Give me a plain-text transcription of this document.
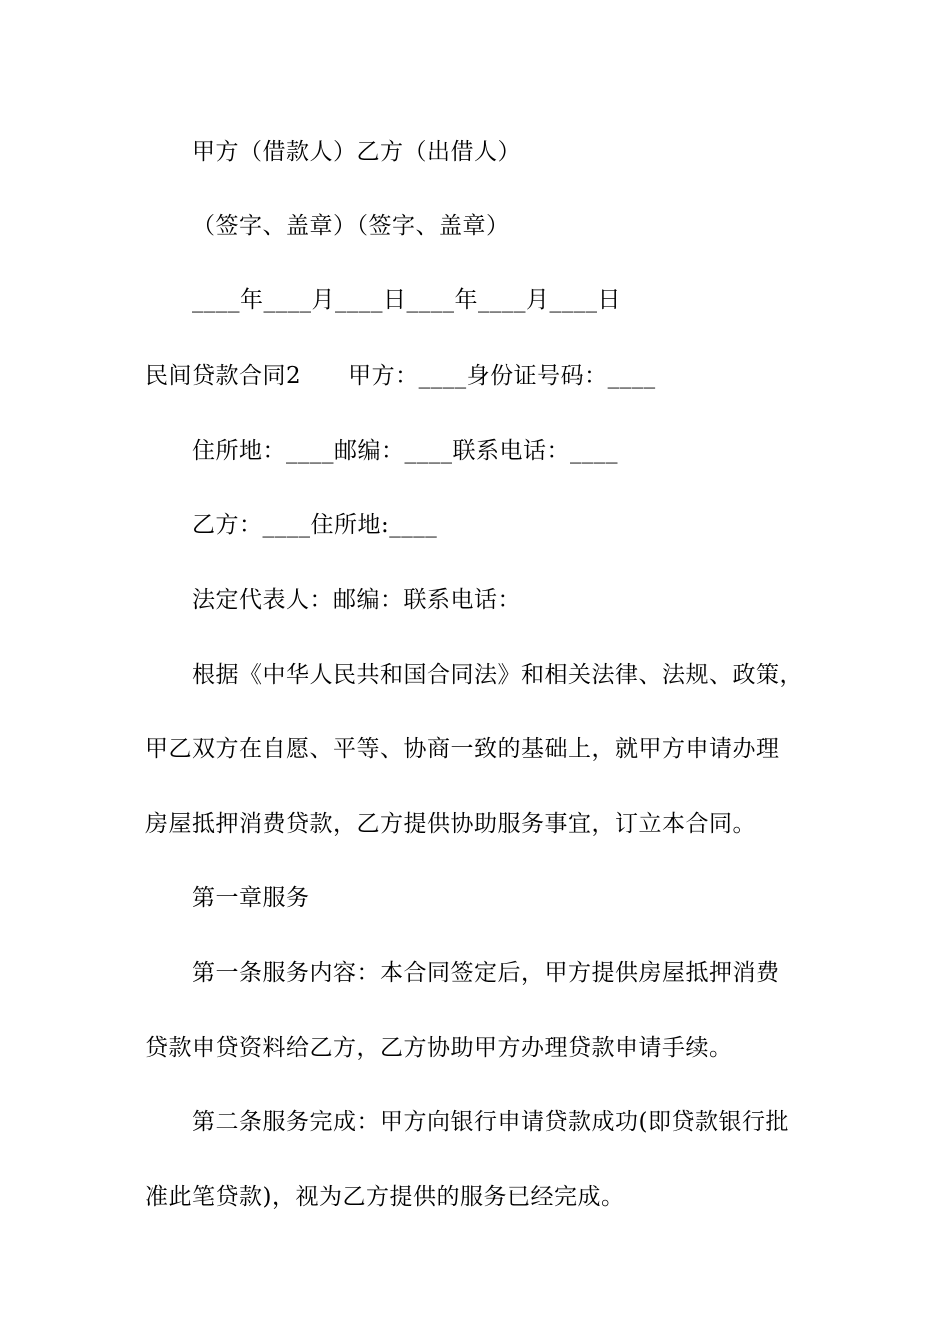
甲方（借款人）乙方（出借人）
（签字、盖章）（签字、盖章）
____年____月____日____年____月____日
民间贷款合同2　　甲方：____身份证号码：____
住所地：____邮编：____联系电话：____
乙方：____住所地:____
法定代表人：邮编：联系电话：
根据《中华人民共和国合同法》和相关法律、法规、政策，
甲乙双方在自愿、平等、协商一致的基础上，就甲方申请办理
房屋抵押消费贷款，乙方提供协助服务事宜，订立本合同。
第一章服务
第一条服务内容：本合同签定后，甲方提供房屋抵押消费
贷款申贷资料给乙方，乙方协助甲方办理贷款申请手续。
第二条服务完成：甲方向银行申请贷款成功(即贷款银行批
准此笔贷款)，视为乙方提供的服务已经完成。
